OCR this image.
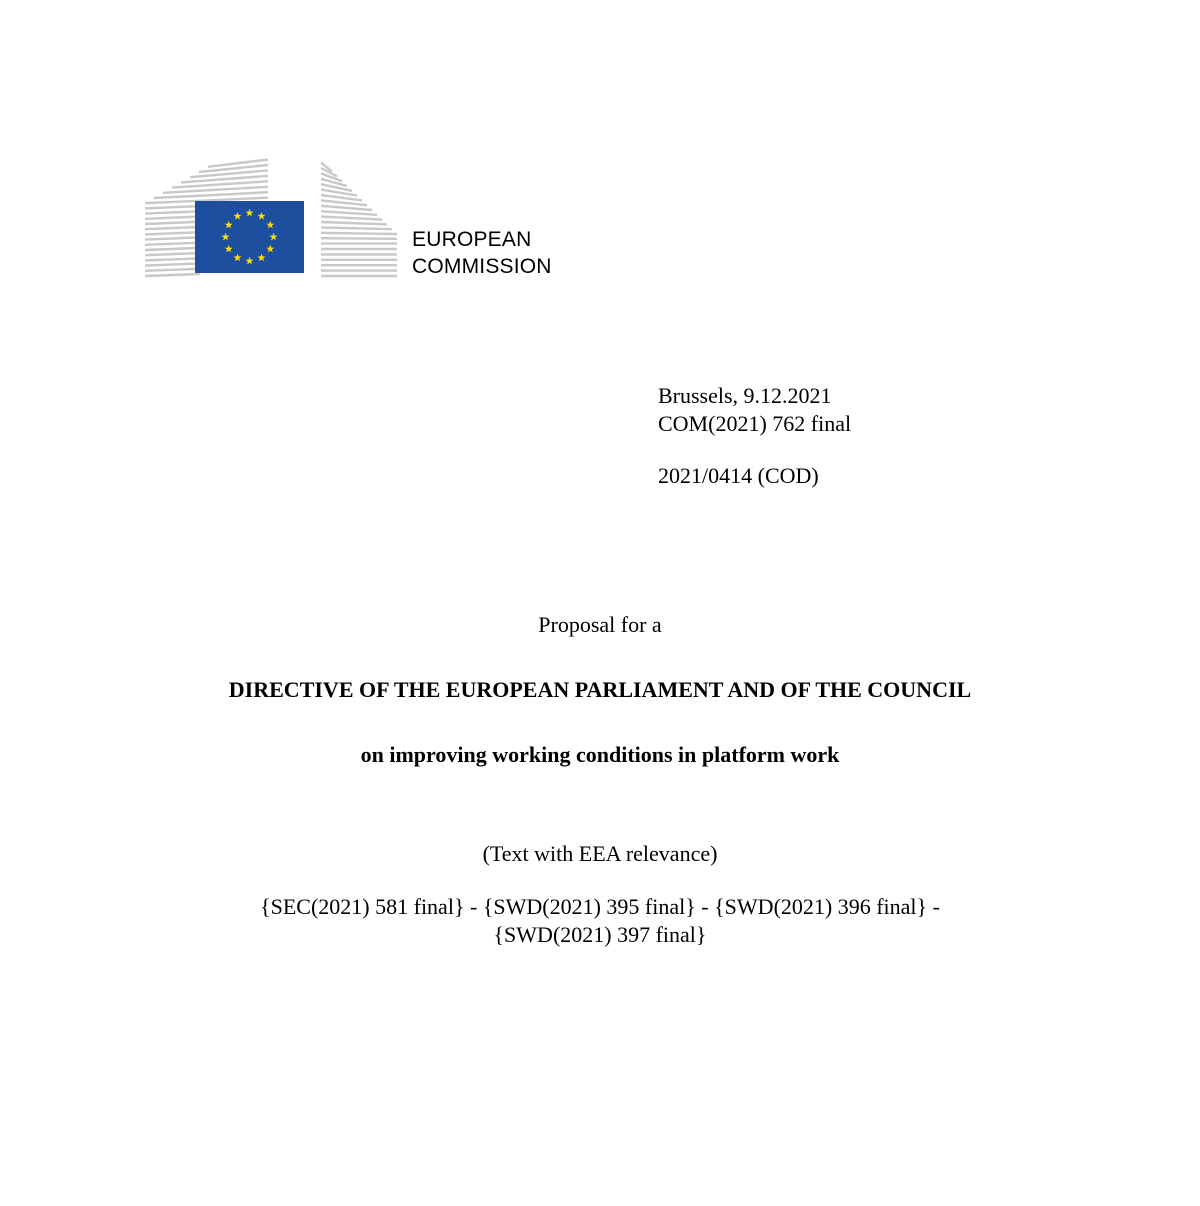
EUROPEAN
COMMISSION
Brussels, 9.12.2021
COM(2021) 762 final
2021/0414 (COD)
Proposal for a
DIRECTIVE OF THE EUROPEAN PARLIAMENT AND OF THE COUNCIL
on improving working conditions in platform work
(Text with EEA relevance)
{SEC(2021) 581 final} - {SWD(2021) 395 final} - {SWD(2021) 396 final} -
{SWD(2021) 397 final}
